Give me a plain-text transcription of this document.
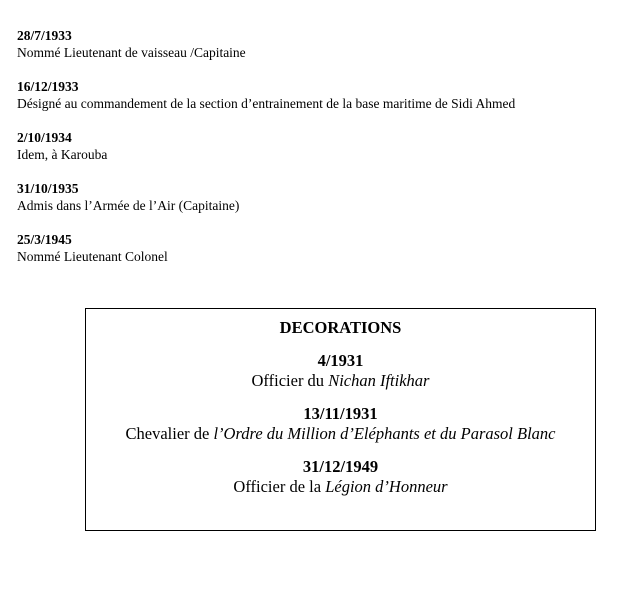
28/7/1933
Nommé Lieutenant de vaisseau /Capitaine
16/12/1933
Désigné au commandement de la section d’entrainement de la base maritime de Sidi Ahmed
2/10/1934
Idem, à Karouba
31/10/1935
Admis dans l’Armée de l’Air (Capitaine)
25/3/1945
Nommé Lieutenant Colonel
DECORATIONS
4/1931
Officier du Nichan Iftikhar
13/11/1931
Chevalier de l’Ordre du Million d’Eléphants et du Parasol Blanc
31/12/1949
Officier de la Légion d’Honneur
